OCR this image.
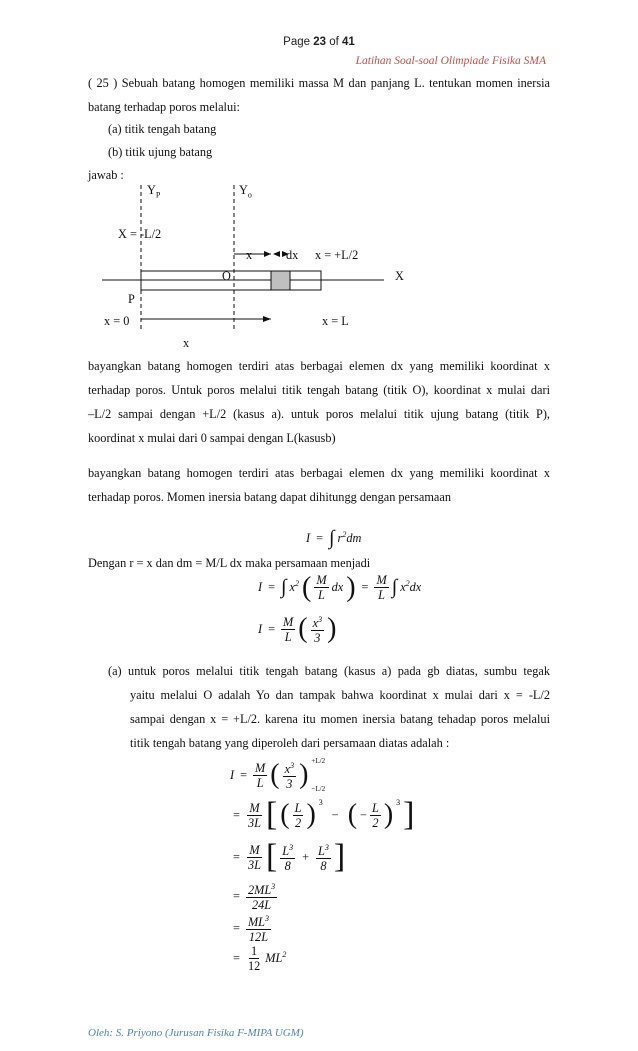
Page 23 of 41
Latihan Soal-soal Olimpiade Fisika SMA
( 25 ) Sebuah batang homogen memiliki massa M dan panjang L. tentukan momen inersia
batang terhadap poros melalui:
(a) titik tengah batang
(b) titik ujung batang
jawab :
$Y_P$	$Y_o$
X = -L/2
x	dx x = +L/2
O	X
P
x = 0	x = L
x
bayangkan batang homogen terdiri atas berbagai elemen dx yang memiliki koordinat x
terhadap poros. Untuk poros melalui titik tengah batang (titik O), koordinat x mulai dari
–L/2 sampai dengan +L/2 (kasus a). untuk poros melalui titik ujung batang (titik P),
koordinat x mulai dari 0 sampai dengan L(kasusb)
bayangkan batang homogen terdiri atas berbagai elemen dx yang memiliki koordinat x
terhadap poros. Momen inersia batang dapat dihitungg dengan persamaan
I = ∫ $r^2dm$
Dengan r = x dan dm = M/L dx maka persamaan menjadi
I = ∫ $x^2$ ( $\frac{M}{L}$ dx ) = $\frac{M}{L}$ ∫ $x^2dx$
$I = \frac{M}{L}$ ( $\frac{x^3}{3}$ )
(a) untuk poros melalui titik tengah batang (kasus a) pada gb diatas, sumbu tegak
yaitu melalui O adalah Yo dan tampak bahwa koordinat x mulai dari x = -L/2
sampai dengan x = +L/2. karena itu momen inersia batang tehadap poros melalui
titik tengah batang yang diperoleh dari persamaan diatas adalah :
$I = \frac{M}{L}$ ( $\frac{x^3}{3}$ ) +L/2
−L/2
= $\frac{M}{3L}$ [ ( $\frac{L}{2}$ ) $^3$
− ( − $\frac{L}{2}$ ) $^3$ ]
= $\frac{M}{3L}$ [ $\frac{L^3}{8} + \frac{L^3}{8}$ ]
= $\frac{2ML^3}{24L}$
= $\frac{ML^3}{12L}$
= $\frac{1}{12} ML^2$
Oleh: S. Priyono (Jurusan Fisika F-MIPA UGM)
